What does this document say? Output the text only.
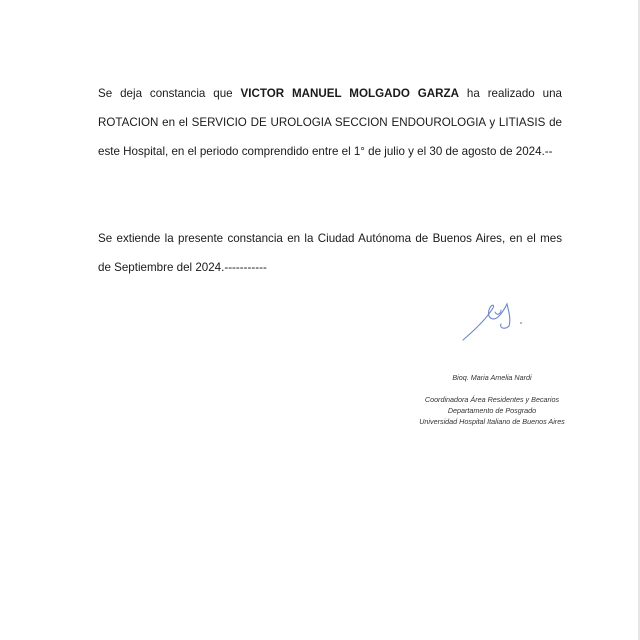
Se deja constancia que VICTOR MANUEL MOLGADO GARZA ha realizado una ROTACION en el SERVICIO DE UROLOGIA SECCION ENDOUROLOGIA y LITIASIS de este Hospital, en el periodo comprendido entre el 1° de julio y el 30 de agosto de 2024.--

Se extiende la presente constancia en la Ciudad Autónoma de Buenos Aires, en el mes de Septiembre del 2024.-----------

Bioq. Maria Amelia Nardi
Coordinadora Área Residentes y Becarios
Departamento de Posgrado
Universidad Hospital Italiano de Buenos Aires
